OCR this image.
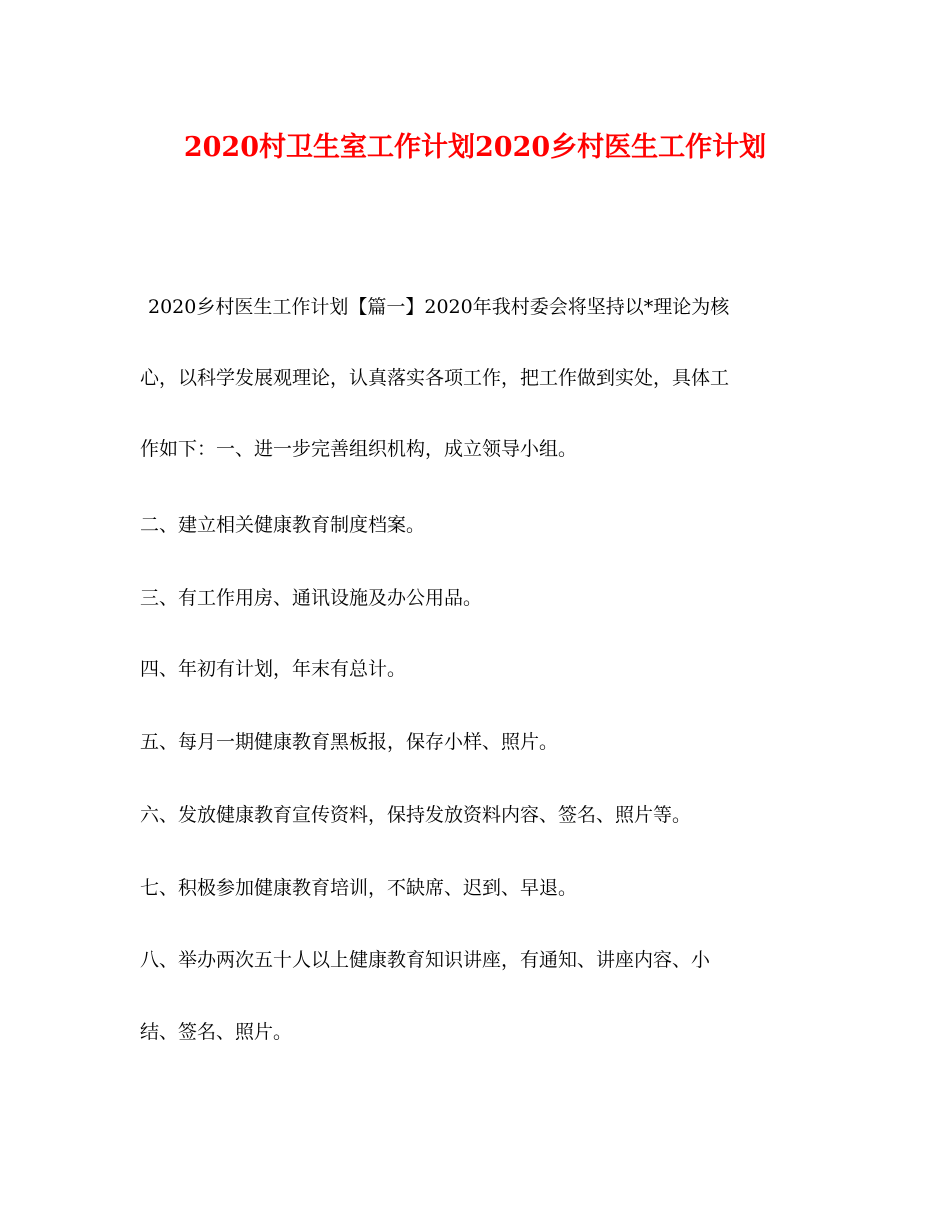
2020村卫生室工作计划2020乡村医生工作计划
2020乡村医生工作计划【篇一】2020年我村委会将坚持以*理论为核
心，以科学发展观理论，认真落实各项工作，把工作做到实处，具体工
作如下：一、进一步完善组织机构，成立领导小组。
二、建立相关健康教育制度档案。
三、有工作用房、通讯设施及办公用品。
四、年初有计划，年末有总计。
五、每月一期健康教育黑板报，保存小样、照片。
六、发放健康教育宣传资料，保持发放资料内容、签名、照片等。
七、积极参加健康教育培训，不缺席、迟到、早退。
八、举办两次五十人以上健康教育知识讲座，有通知、讲座内容、小
结、签名、照片。
